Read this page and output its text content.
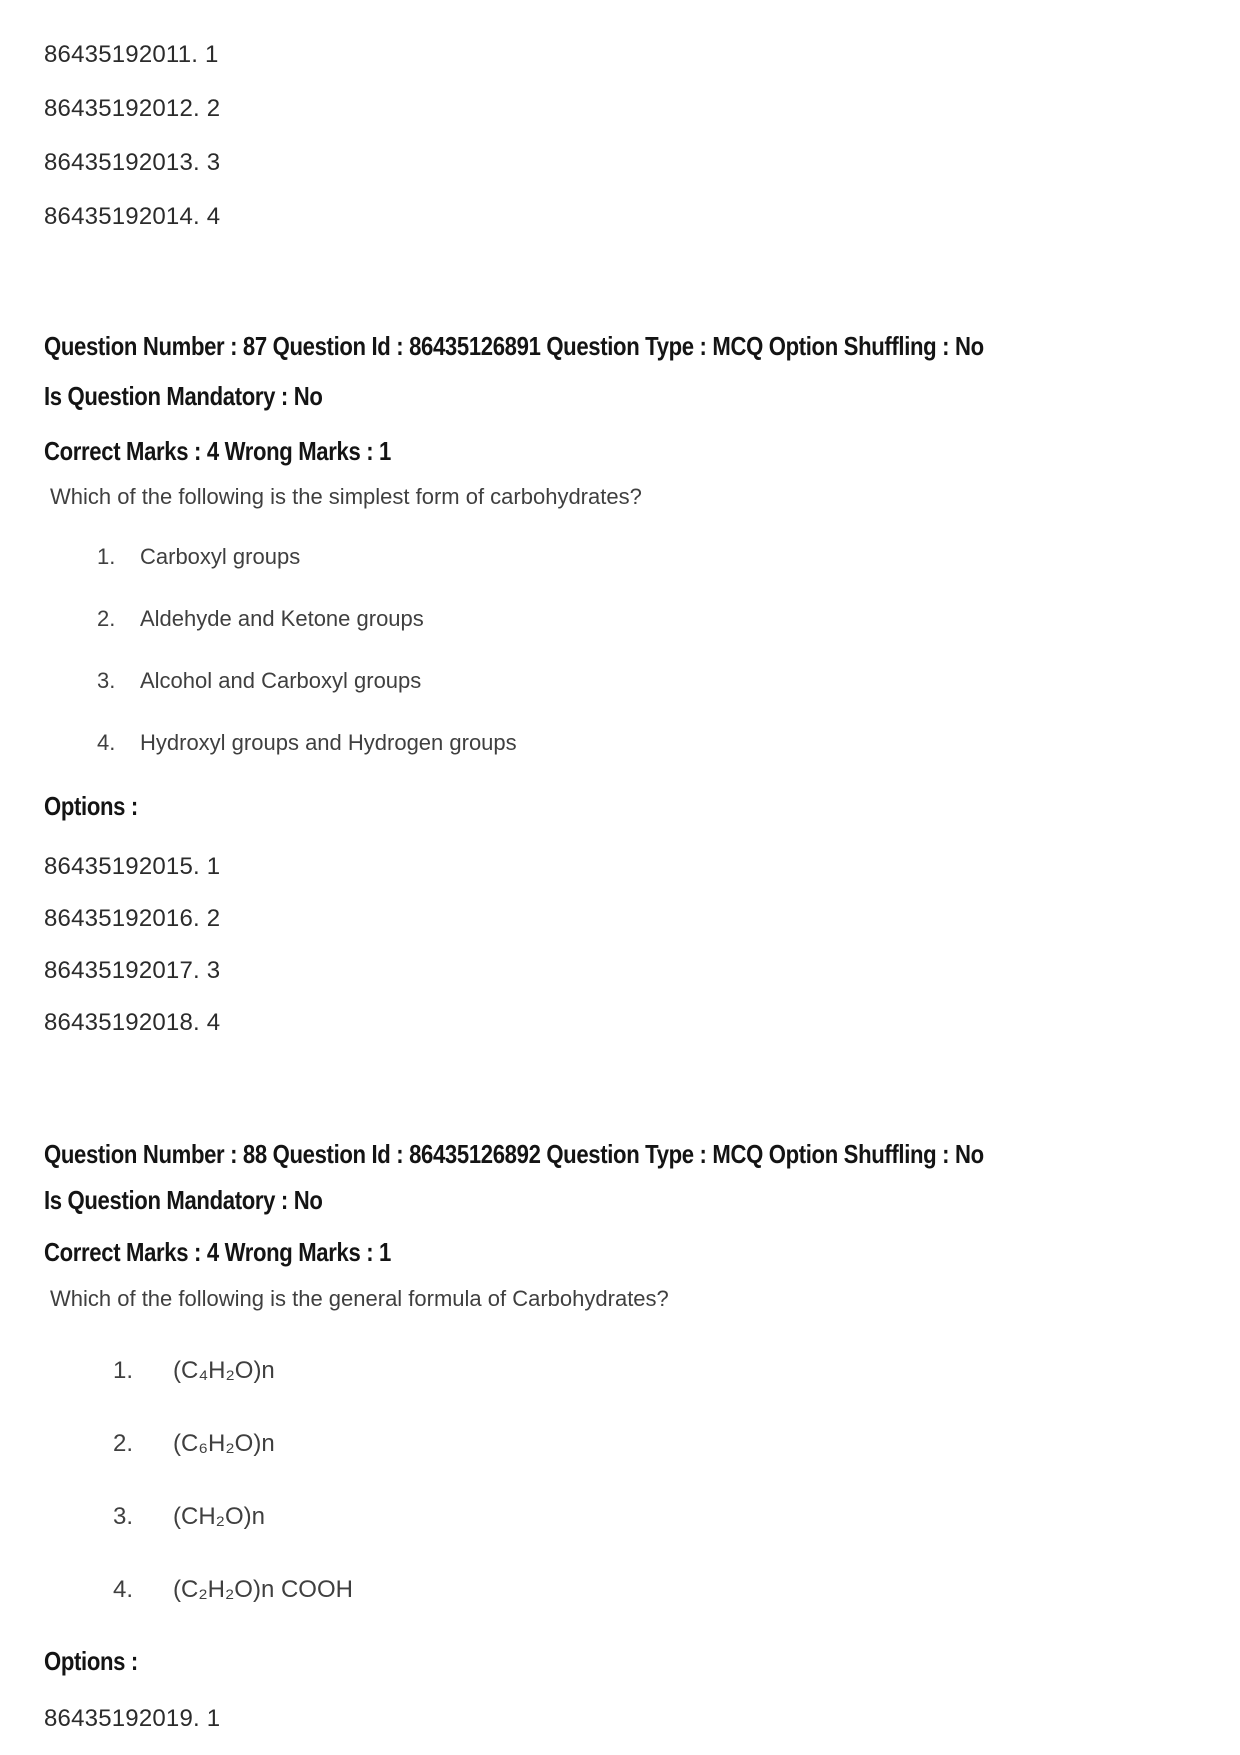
86435192011. 1

86435192012. 2

86435192013. 3

86435192014. 4

Question Number : 87 Question Id : 86435126891 Question Type : MCQ Option Shuffling : No

Is Question Mandatory : No

Correct Marks : 4 Wrong Marks : 1

Which of the following is the simplest form of carbohydrates?

1.	Carboxyl groups
2.	Aldehyde and Ketone groups
3.	Alcohol and Carboxyl groups
4.	Hydroxyl groups and Hydrogen groups

Options :

86435192015. 1

86435192016. 2

86435192017. 3

86435192018. 4

Question Number : 88 Question Id : 86435126892 Question Type : MCQ Option Shuffling : No

Is Question Mandatory : No

Correct Marks : 4 Wrong Marks : 1

Which of the following is the general formula of Carbohydrates?

1.	(C₄H₂O)n
2.	(C₆H₂O)n
3.	(CH₂O)n
4.	(C₂H₂O)n COOH

Options :

86435192019. 1
